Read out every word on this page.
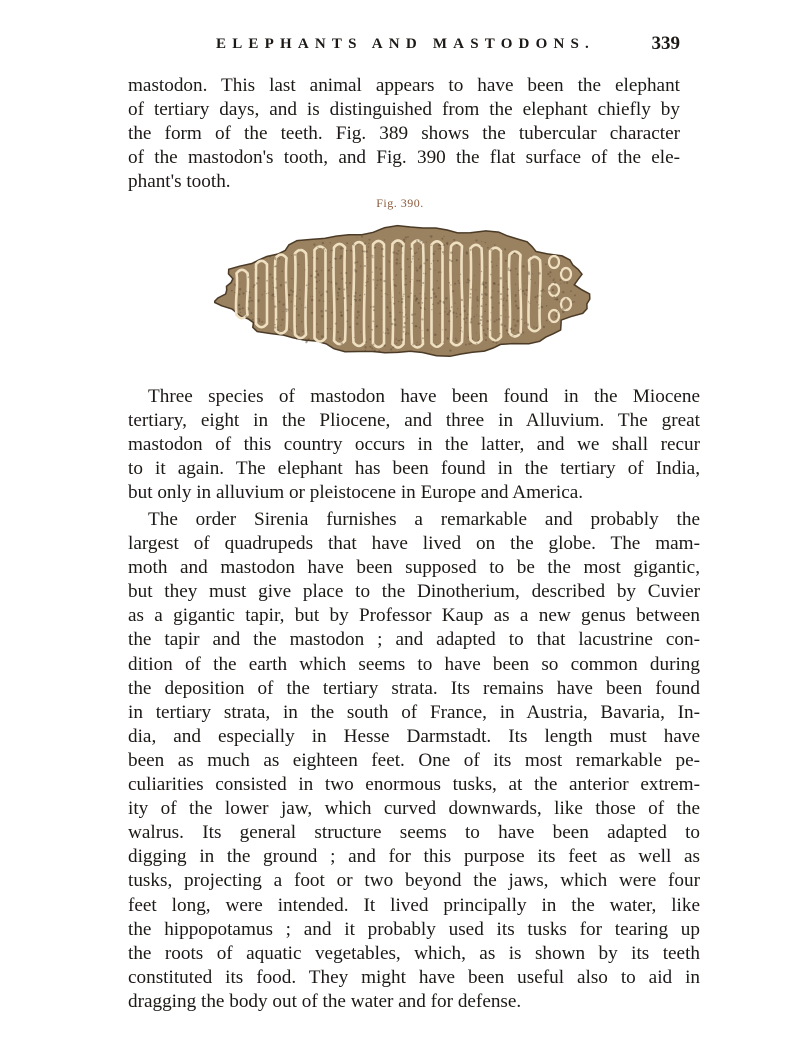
ELEPHANTS AND MASTODONS.	339

mastodon. This last animal appears to have been the elephant
of tertiary days, and is distinguished from the elephant chiefly by
the form of the teeth. Fig. 389 shows the tubercular character
of the mastodon's tooth, and Fig. 390 the flat surface of the ele-
phant's tooth.

Fig. 390.

Three species of mastodon have been found in the Miocene
tertiary, eight in the Pliocene, and three in Alluvium. The great
mastodon of this country occurs in the latter, and we shall recur
to it again. The elephant has been found in the tertiary of India,
but only in alluvium or pleistocene in Europe and America.

The order Sirenia furnishes a remarkable and probably the
largest of quadrupeds that have lived on the globe. The mam-
moth and mastodon have been supposed to be the most gigantic,
but they must give place to the Dinotherium, described by Cuvier
as a gigantic tapir, but by Professor Kaup as a new genus between
the tapir and the mastodon ; and adapted to that lacustrine con-
dition of the earth which seems to have been so common during
the deposition of the tertiary strata. Its remains have been found
in tertiary strata, in the south of France, in Austria, Bavaria, In-
dia, and especially in Hesse Darmstadt. Its length must have
been as much as eighteen feet. One of its most remarkable pe-
culiarities consisted in two enormous tusks, at the anterior extrem-
ity of the lower jaw, which curved downwards, like those of the
walrus. Its general structure seems to have been adapted to
digging in the ground ; and for this purpose its feet as well as
tusks, projecting a foot or two beyond the jaws, which were four
feet long, were intended. It lived principally in the water, like
the hippopotamus ; and it probably used its tusks for tearing up
the roots of aquatic vegetables, which, as is shown by its teeth
constituted its food. They might have been useful also to aid in
dragging the body out of the water and for defense.
